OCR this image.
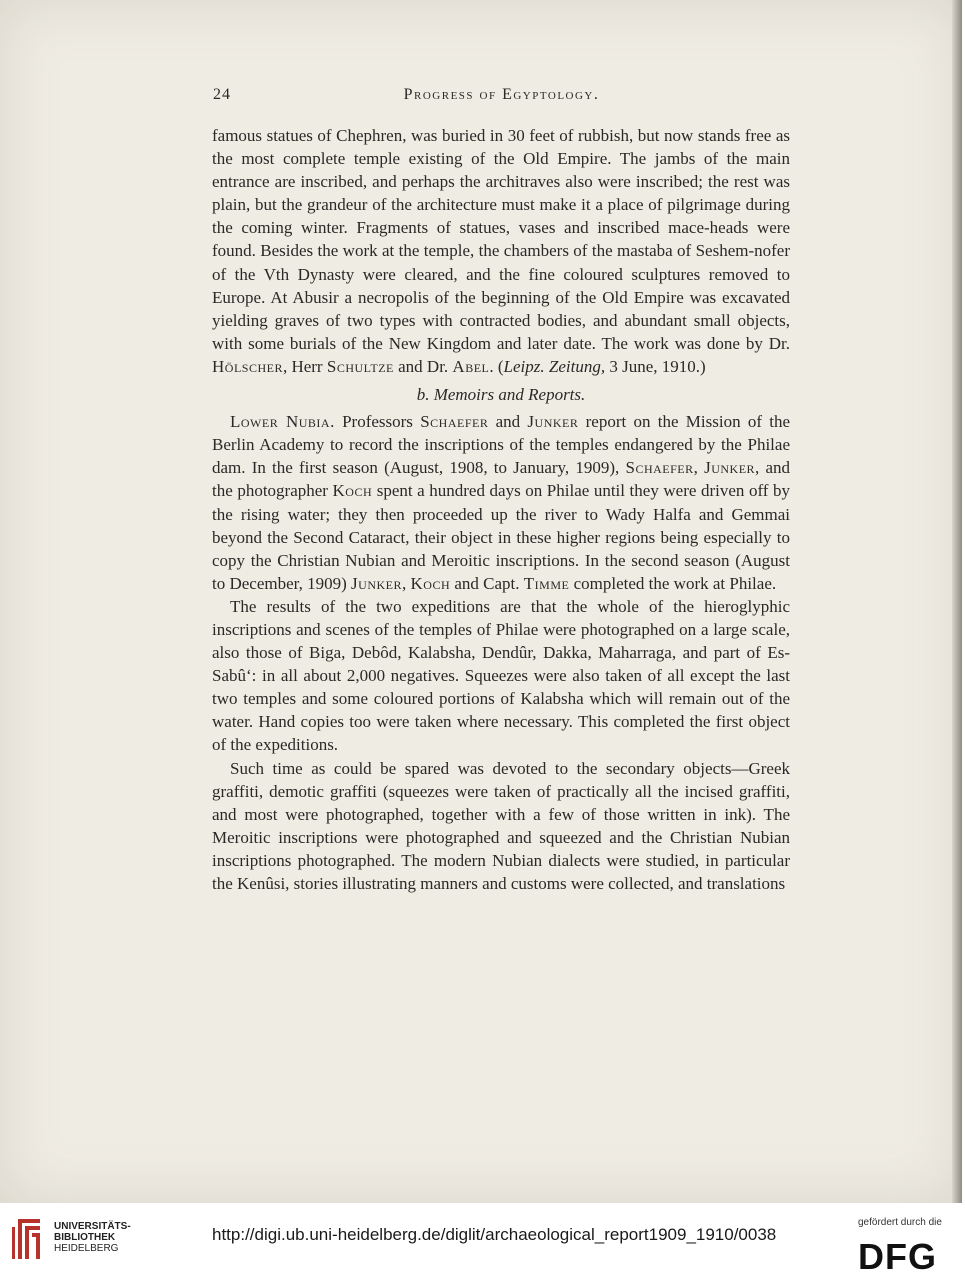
24	Progress of Egyptology.

famous statues of Chephren, was buried in 30 feet of rubbish, but now stands free as the most complete temple existing of the Old Empire. The jambs of the main entrance are inscribed, and perhaps the architraves also were inscribed; the rest was plain, but the grandeur of the architecture must make it a place of pilgrimage during the coming winter. Fragments of statues, vases and inscribed mace-heads were found. Besides the work at the temple, the chambers of the mastaba of Seshem-nofer of the Vth Dynasty were cleared, and the fine coloured sculptures removed to Europe. At Abusir a necropolis of the beginning of the Old Empire was excavated yielding graves of two types with contracted bodies, and abundant small objects, with some burials of the New Kingdom and later date. The work was done by Dr. Hölscher, Herr Schultze and Dr. Abel. (Leipz. Zeitung, 3 June, 1910.)

b. Memoirs and Reports.

Lower Nubia. Professors Schaefer and Junker report on the Mission of the Berlin Academy to record the inscriptions of the temples endangered by the Philae dam. In the first season (August, 1908, to January, 1909), Schaefer, Junker, and the photographer Koch spent a hundred days on Philae until they were driven off by the rising water; they then proceeded up the river to Wady Halfa and Gemmai beyond the Second Cataract, their object in these higher regions being especially to copy the Christian Nubian and Meroitic inscriptions. In the second season (August to December, 1909) Junker, Koch and Capt. Timme completed the work at Philae.

The results of the two expeditions are that the whole of the hieroglyphic inscriptions and scenes of the temples of Philae were photographed on a large scale, also those of Biga, Debôd, Kalabsha, Dendûr, Dakka, Maharraga, and part of Es-Sabû‘: in all about 2,000 negatives. Squeezes were also taken of all except the last two temples and some coloured portions of Kalabsha which will remain out of the water. Hand copies too were taken where necessary. This completed the first object of the expeditions.

Such time as could be spared was devoted to the secondary objects—Greek graffiti, demotic graffiti (squeezes were taken of practically all the incised graffiti, and most were photographed, together with a few of those written in ink). The Meroitic inscriptions were photographed and squeezed and the Christian Nubian inscriptions photographed. The modern Nubian dialects were studied, in particular the Kenûsi, stories illustrating manners and customs were collected, and translations

UNIVERSITÄTS-
BIBLIOTHEK
HEIDELBERG
http://digi.ub.uni-heidelberg.de/diglit/archaeological_report1909_1910/0038
gefördert durch die
DFG
